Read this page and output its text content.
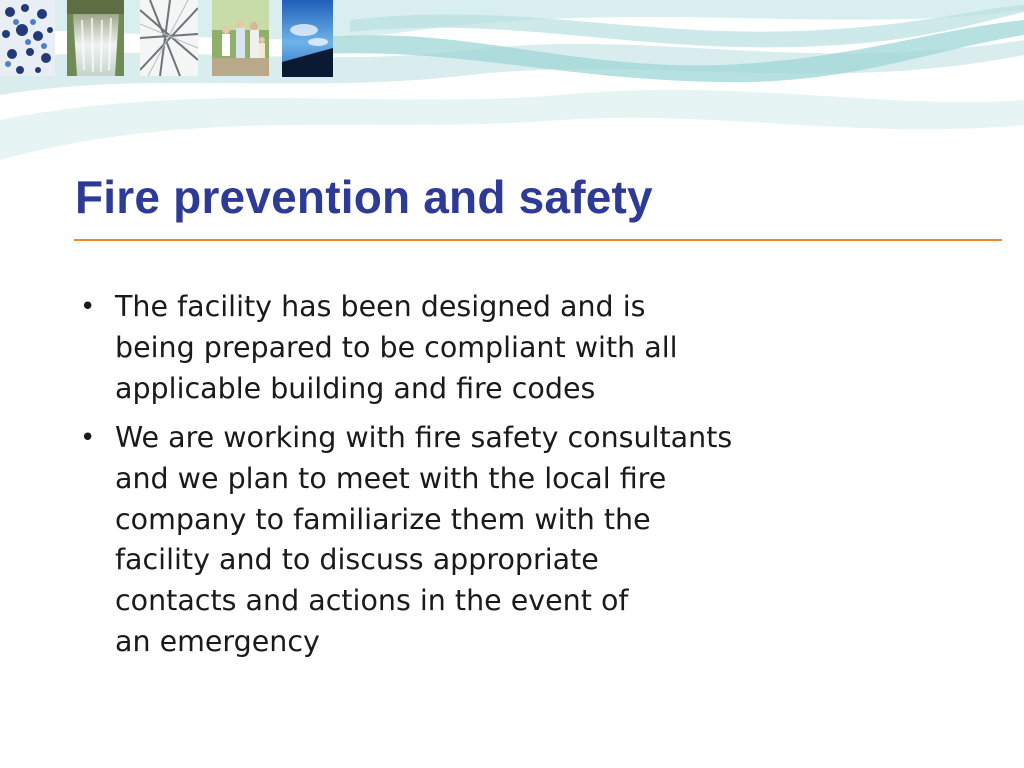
Fire prevention and safety
• The facility has been designed and is
being prepared to be compliant with all
applicable building and fire codes
• We are working with fire safety consultants
and we plan to meet with the local fire
company to familiarize them with the
facility and to discuss appropriate
contacts and actions in the event of
an emergency
